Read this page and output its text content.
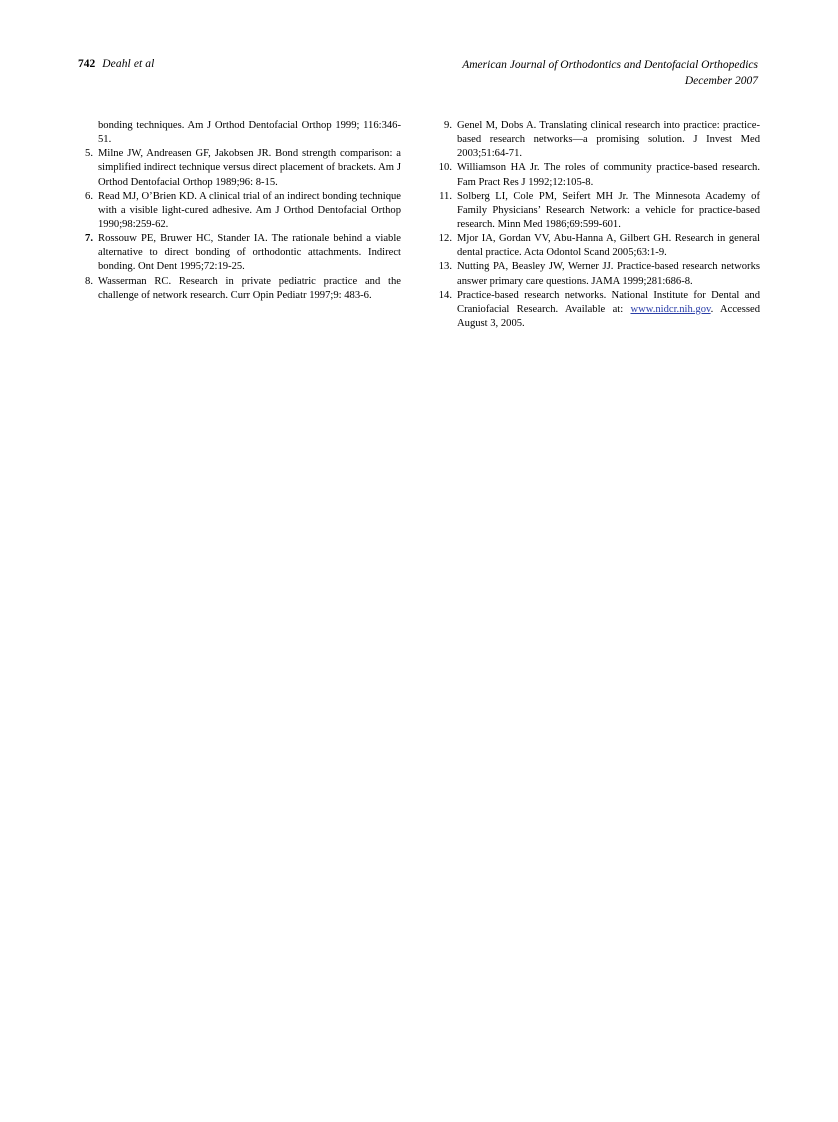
742 Deahl et al	American Journal of Orthodontics and Dentofacial Orthopedics
December 2007
bonding techniques. Am J Orthod Dentofacial Orthop 1999; 116:346-51.
5. Milne JW, Andreasen GF, Jakobsen JR. Bond strength comparison: a simplified indirect technique versus direct placement of brackets. Am J Orthod Dentofacial Orthop 1989;96: 8-15.
6. Read MJ, O’Brien KD. A clinical trial of an indirect bonding technique with a visible light-cured adhesive. Am J Orthod Dentofacial Orthop 1990;98:259-62.
7. Rossouw PE, Bruwer HC, Stander IA. The rationale behind a viable alternative to direct bonding of orthodontic attachments. Indirect bonding. Ont Dent 1995;72:19-25.
8. Wasserman RC. Research in private pediatric practice and the challenge of network research. Curr Opin Pediatr 1997;9: 483-6.
9. Genel M, Dobs A. Translating clinical research into practice: practice-based research networks—a promising solution. J Invest Med 2003;51:64-71.
10. Williamson HA Jr. The roles of community practice-based research. Fam Pract Res J 1992;12:105-8.
11. Solberg LI, Cole PM, Seifert MH Jr. The Minnesota Academy of Family Physicians’ Research Network: a vehicle for practice-based research. Minn Med 1986;69:599-601.
12. Mjor IA, Gordan VV, Abu-Hanna A, Gilbert GH. Research in general dental practice. Acta Odontol Scand 2005;63:1-9.
13. Nutting PA, Beasley JW, Werner JJ. Practice-based research networks answer primary care questions. JAMA 1999;281:686-8.
14. Practice-based research networks. National Institute for Dental and Craniofacial Research. Available at: www.nidcr.nih.gov. Accessed August 3, 2005.
